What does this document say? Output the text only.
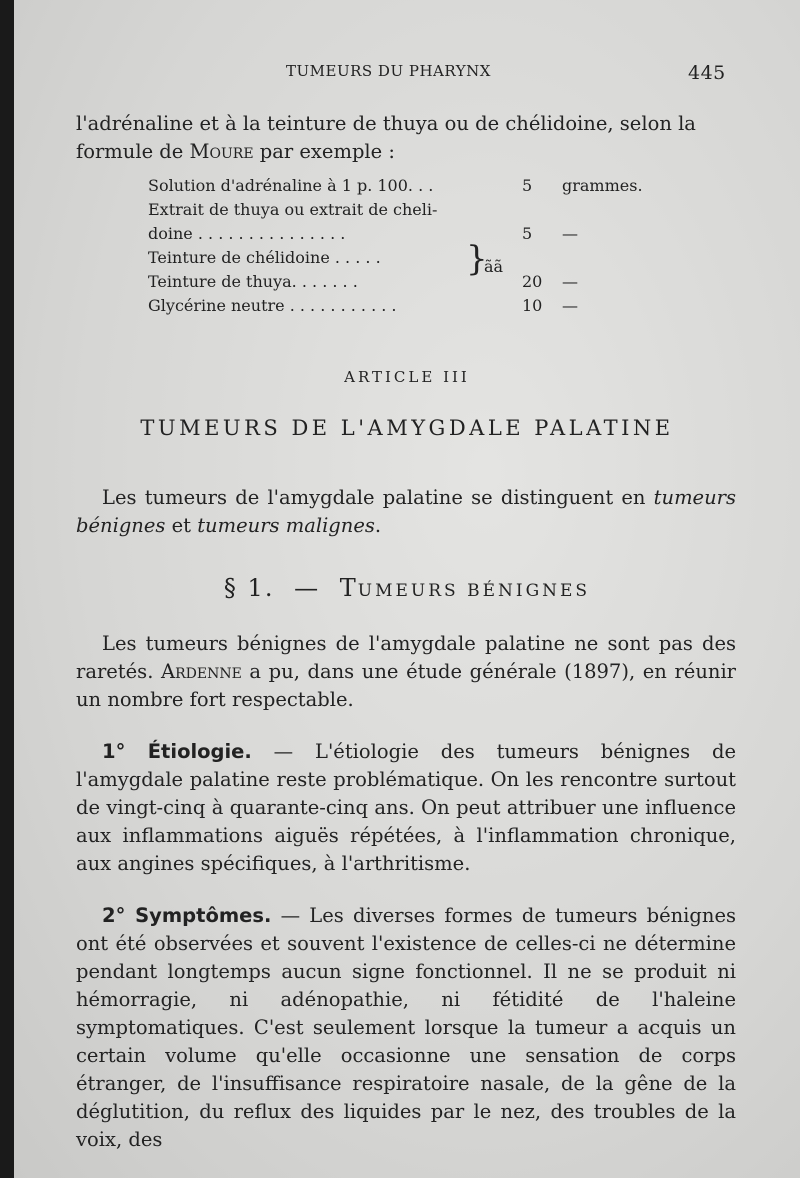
TUMEURS DU PHARYNX	445
l'adrénaline et à la teinture de thuya ou de chélidoine, selon la
formule de Moure par exemple :
Solution d'adrénaline à 1 p. 100. . .	5 grammes.
Extrait de thuya ou extrait de cheli-
doine . . . . . . . . . . . . . . .	5 —
Teinture de chélidoine . . . . .
Teinture de thuya. . . . . . .	20 —
Glycérine neutre . . . . . . . . . . .	10 —
}
ãã
ARTICLE III
TUMEURS DE L'AMYGDALE PALATINE
Les tumeurs de l'amygdale palatine se distinguent en tumeurs bénignes et tumeurs malignes.
§ 1. — TUMEURS BÉNIGNES
Les tumeurs bénignes de l'amygdale palatine ne sont pas des raretés. Ardenne a pu, dans une étude générale (1897), en réunir un nombre fort respectable.
1° Étiologie. — L'étiologie des tumeurs bénignes de l'amygdale palatine reste problématique. On les rencontre surtout de vingt-cinq à quarante-cinq ans. On peut attribuer une influence aux inflammations aiguës répétées, à l'inflammation chronique, aux angines spécifiques, à l'arthritisme.
2° Symptômes. — Les diverses formes de tumeurs bénignes ont été observées et souvent l'existence de celles-ci ne détermine pendant longtemps aucun signe fonctionnel. Il ne se produit ni hémorragie, ni adénopathie, ni fétidité de l'haleine symptomatiques. C'est seulement lorsque la tumeur a acquis un certain volume qu'elle occasionne une sensation de corps étranger, de l'insuffisance respiratoire nasale, de la gêne de la déglutition, du reflux des liquides par le nez, des troubles de la voix, des
